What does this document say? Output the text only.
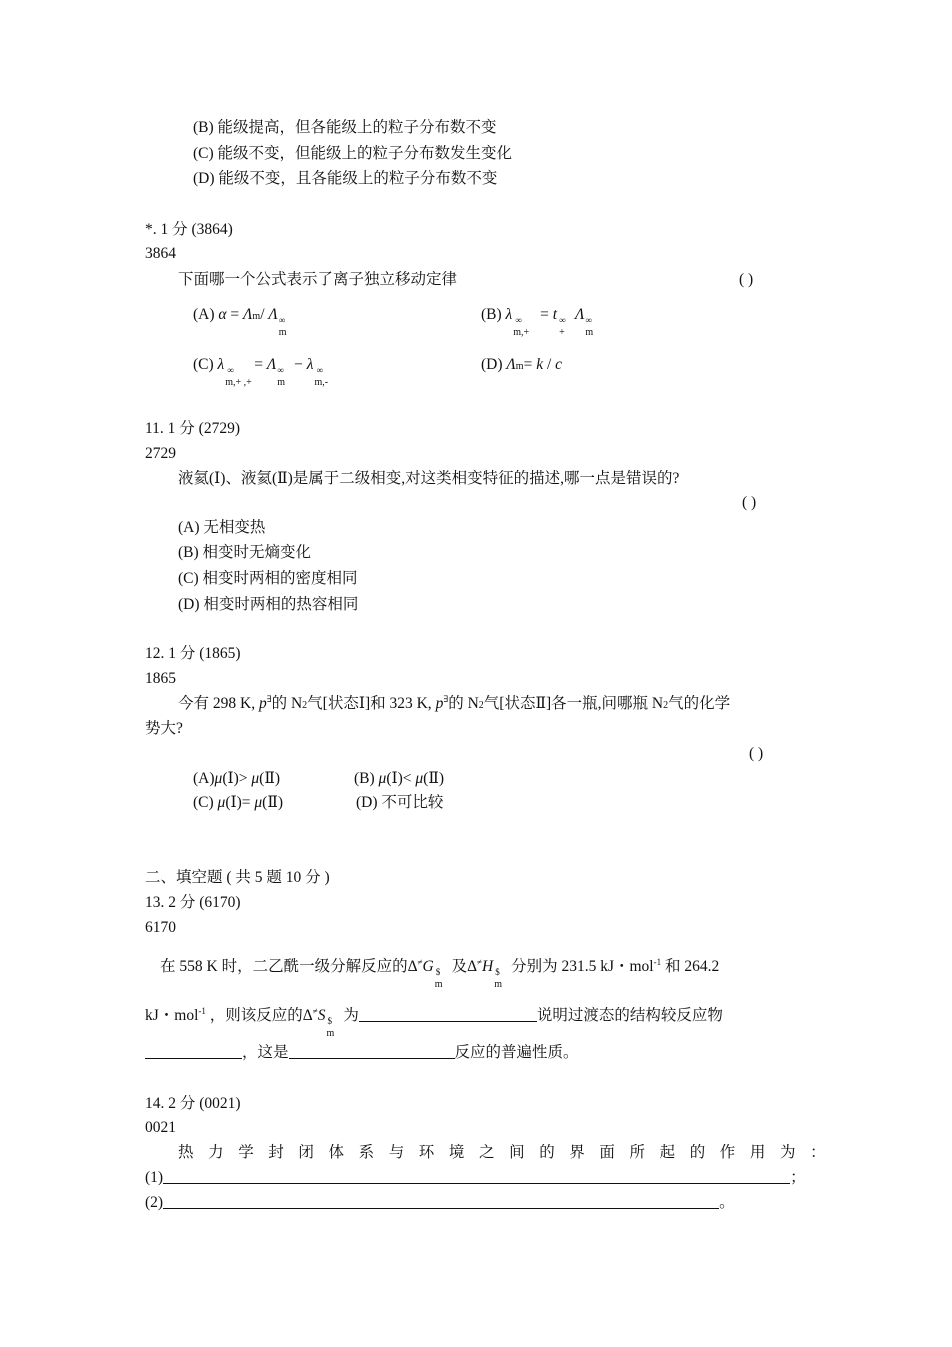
(B) 能级提高，但各能级上的粒子分布数不变
(C) 能级不变，但能级上的粒子分布数发生变化
(D) 能级不变，且各能级上的粒子分布数不变
*. 1 分 (3864)
3864
下面哪一个公式表示了离子独立移动定律	( )
(A) α = Λm/ Λ ∞
m
(B) λ ∞
m,+
= t ∞
+
Λ ∞
m
(C) λ ∞
m,+ ,+
= Λ ∞
m
− λ ∞
m,-
(D) Λm= k / c
11. 1 分 (2729)
2729
液氦(Ⅰ)、液氦(Ⅱ)是属于二级相变,对这类相变特征的描述,哪一点是错误的?
( )
(A) 无相变热
(B) 相变时无熵变化
(C) 相变时两相的密度相同
(D) 相变时两相的热容相同
12. 1 分 (1865)
1865
今有 298 K, p∃的 N2气[状态Ⅰ]和 323 K, p∃的 N2气[状态Ⅱ]各一瓶,问哪瓶 N2气的化学
势大?
( )
(A)μ(Ⅰ)> μ(Ⅱ)	(B) μ(Ⅰ)< μ(Ⅱ)
(C) μ(Ⅰ)= μ(Ⅱ)	(D) 不可比较
二、填空题 ( 共 5 题 10 分 )
13. 2 分 (6170)
6170
在 558 K 时，二乙酰一级分解反应的Δ≠G $
m
及Δ≠H $
m
分别为 231.5 kJ・mol$^{-1}$ 和 264.2
kJ・mol$^{-1}$ ，则该反应的Δ≠S $
m
为	说明过渡态的结构较反应物
，这是	反应的普遍性质。
14. 2 分 (0021)
0021
热力学封闭体系与环境之间的界面所起的作用为：
(1)	；
(2)	。
